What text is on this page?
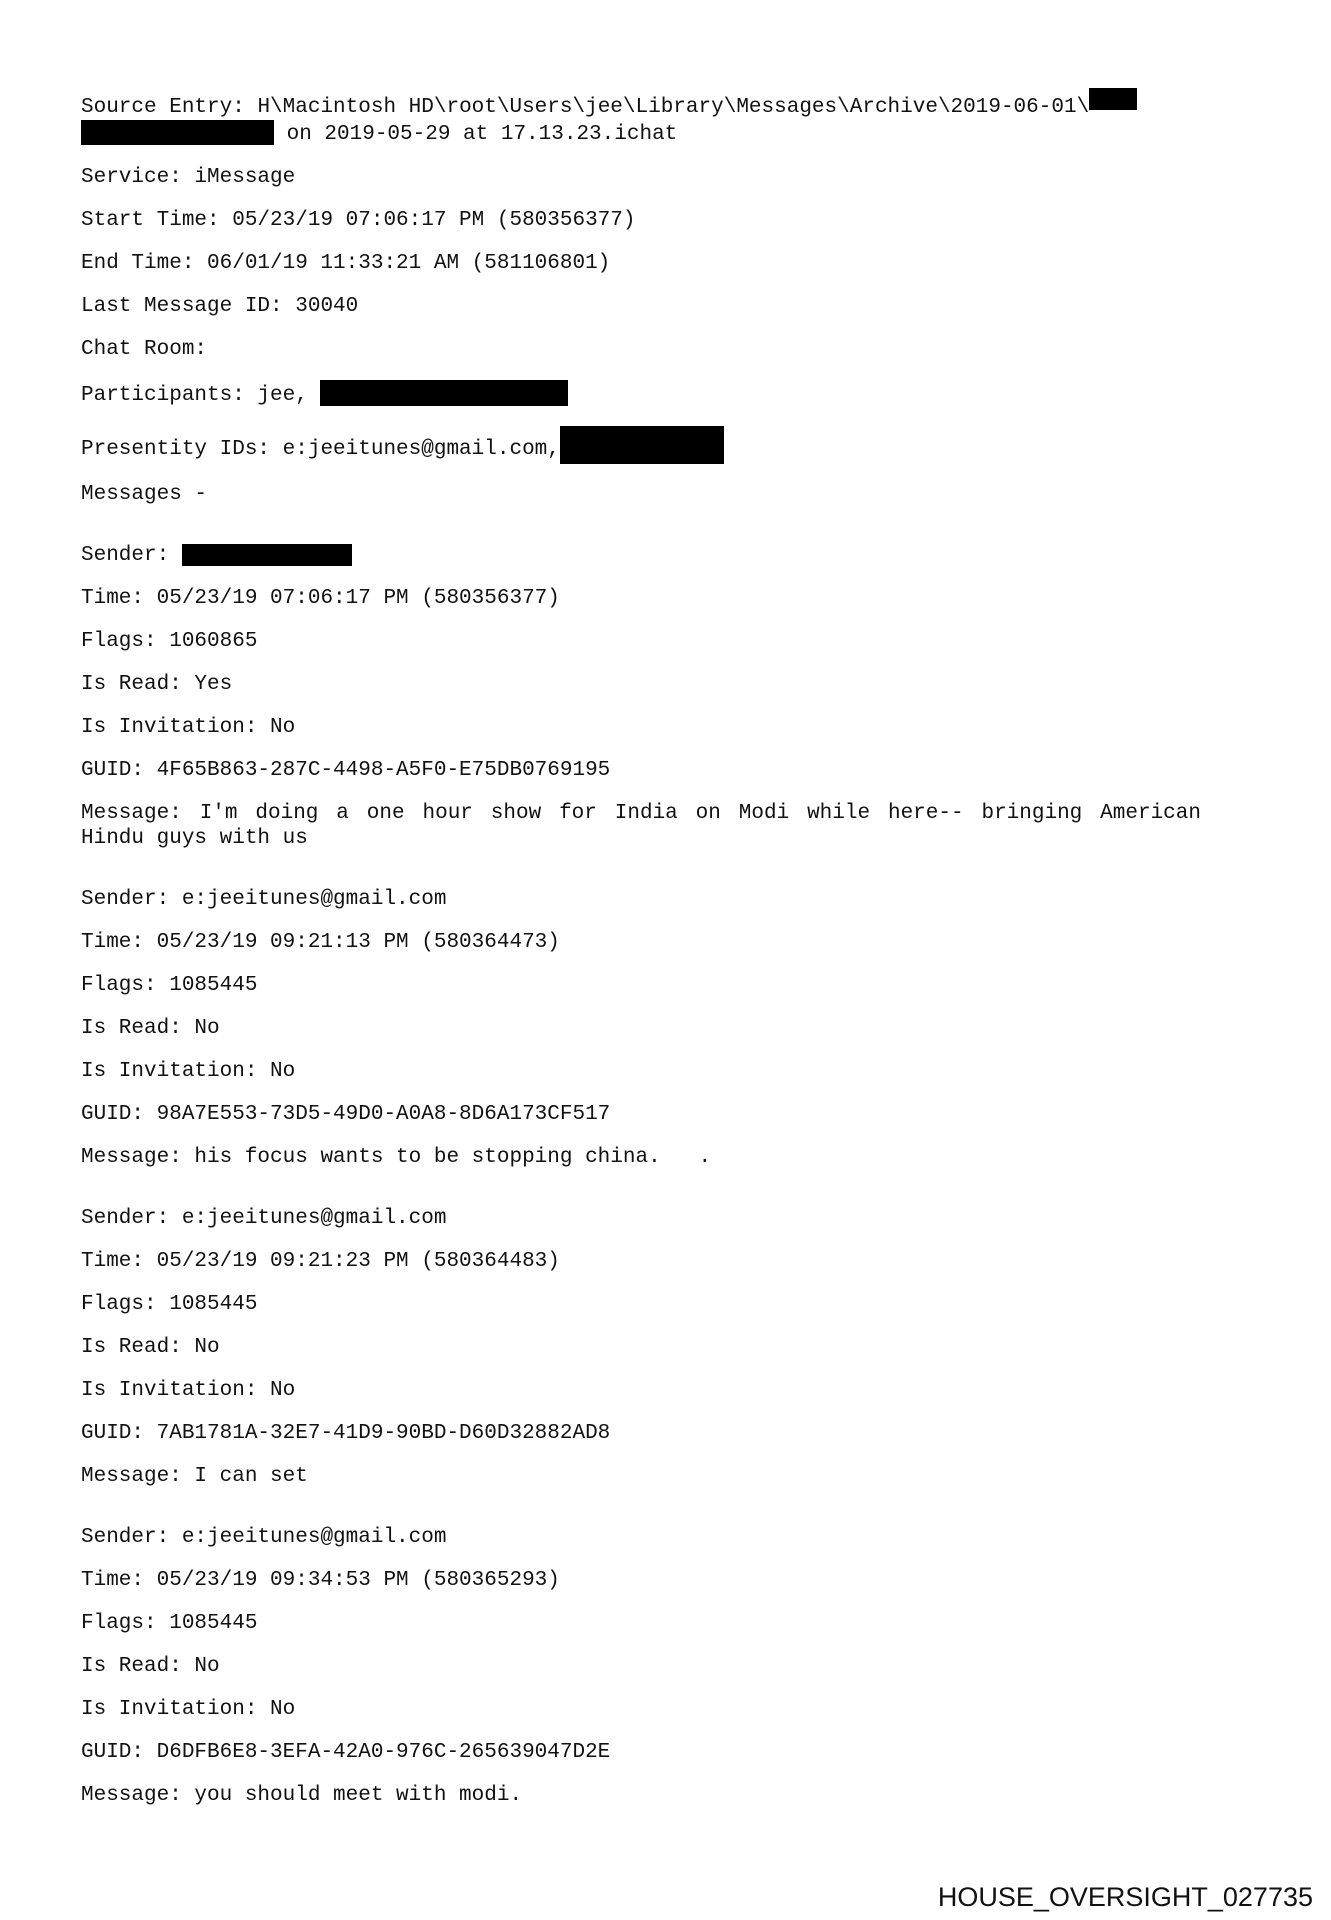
Source Entry: H\Macintosh HD\root\Users\jee\Library\Messages\Archive\2019-06-01\
on 2019-05-29 at 17.13.23.ichat
Service: iMessage
Start Time: 05/23/19 07:06:17 PM (580356377)
End Time: 06/01/19 11:33:21 AM (581106801)
Last Message ID: 30040
Chat Room:
Participants: jee,
Presentity IDs: e:jeeitunes@gmail.com,
Messages -
Sender:
Time: 05/23/19 07:06:17 PM (580356377)
Flags: 1060865
Is Read: Yes
Is Invitation: No
GUID: 4F65B863-287C-4498-A5F0-E75DB0769195
Message: I'm doing a one hour show for India on Modi while here-- bringing American Hindu guys with us
Sender: e:jeeitunes@gmail.com
Time: 05/23/19 09:21:13 PM (580364473)
Flags: 1085445
Is Read: No
Is Invitation: No
GUID: 98A7E553-73D5-49D0-A0A8-8D6A173CF517
Message: his focus wants to be stopping china.   .
Sender: e:jeeitunes@gmail.com
Time: 05/23/19 09:21:23 PM (580364483)
Flags: 1085445
Is Read: No
Is Invitation: No
GUID: 7AB1781A-32E7-41D9-90BD-D60D32882AD8
Message: I can set
Sender: e:jeeitunes@gmail.com
Time: 05/23/19 09:34:53 PM (580365293)
Flags: 1085445
Is Read: No
Is Invitation: No
GUID: D6DFB6E8-3EFA-42A0-976C-265639047D2E
Message: you should meet with modi.
HOUSE_OVERSIGHT_027735
